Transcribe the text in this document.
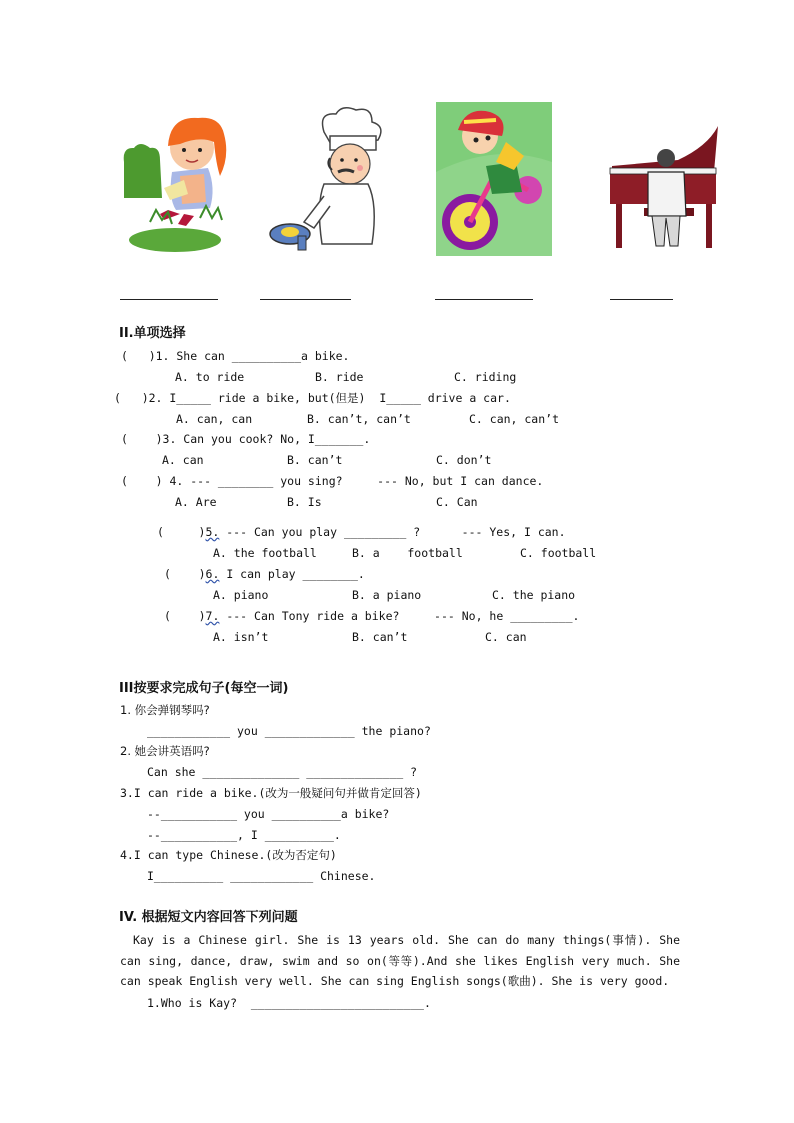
II.单项选择
(   )1. She can __________a bike.
A. to ride	B. ride	C. riding
(   )2. I_____ ride a bike, but(但是)  I_____ drive a car.
A. can, can	B. can’t, can’t	C. can, can’t
(    )3. Can you cook? No, I_______.
A. can	B. can’t	C. don’t
(    ) 4. --- ________ you sing?     --- No, but I can dance.
A. Are	B. Is	C. Can
(     )5. --- Can you play _________ ?      --- Yes, I can.
A. the football	B. a    football	C. football
(    )6. I can play ________.
A. piano	B. a piano	C. the piano
(    )7. --- Can Tony ride a bike?     --- No, he _________.
A. isn’t	B. can’t	C. can
III按要求完成句子(每空一词)
1. 你会弹钢琴吗?
____________ you _____________ the piano?
2. 她会讲英语吗?
Can she ______________ ______________ ?
3.I can ride a bike.(改为一般疑问句并做肯定回答)
--___________ you __________a bike?
--___________, I __________.
4.I can type Chinese.(改为否定句)
I__________ ____________ Chinese.
IV. 根据短文内容回答下列问题
Kay is a Chinese girl. She is 13 years old. She can do many things(事情). She can sing, dance, draw, swim and so on(等等).And she likes English very much. She can speak English very well. She can sing English songs(歌曲). She is very good.
1.Who is Kay?  _________________________.
